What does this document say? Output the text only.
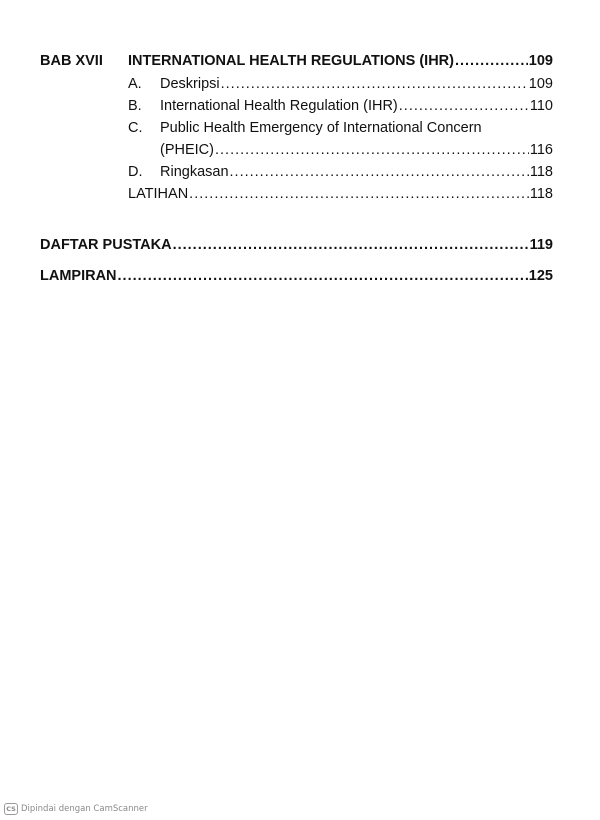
BAB XVII INTERNATIONAL HEALTH REGULATIONS (IHR) .....	109
A.	Deskripsi .....	109
B.	International Health Regulation (IHR) .....	110
C.	Public Health Emergency of International Concern
(PHEIC) .....	116
D.	Ringkasan .....	118
LATIHAN .....	118
DAFTAR PUSTAKA .....	119
LAMPIRAN .....	125
CS Dipindai dengan CamScanner
